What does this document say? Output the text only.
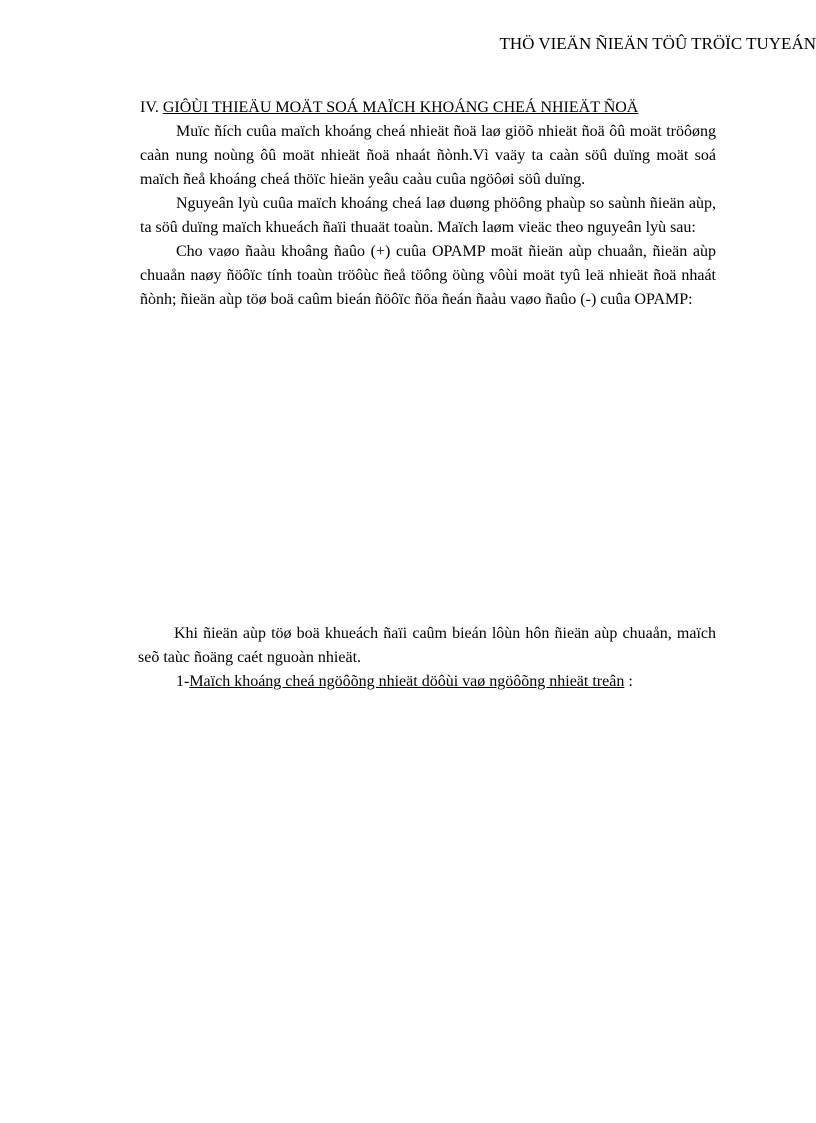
THÖ VIEÄN ÑIEÄN TÖÛ TRÖÏC TUYEÁN

IV. GIÔÙI THIEÄU MOÄT SOÁ MAÏCH KHOÁNG CHEÁ NHIEÄT ÑOÄ

Muïc ñích cuûa maïch khoáng cheá nhieät ñoä laø giöõ nhieät ñoä ôû moät tröôøng caàn nung noùng ôû moät nhieät ñoä nhaát ñònh.Vì vaäy ta caàn söû duïng moät soá maïch ñeå khoáng cheá thöïc hieän yeâu caàu cuûa ngöôøi söû duïng.

Nguyeân lyù cuûa maïch khoáng cheá laø duøng phöông phaùp so saùnh ñieän aùp, ta söû duïng maïch khueách ñaïi thuaät toaùn. Maïch laøm vieäc theo nguyeân lyù sau:

Cho vaøo ñaàu khoâng ñaûo (+) cuûa OPAMP moät ñieän aùp chuaån, ñieän aùp chuaån naøy ñöôïc tính toaùn tröôùc ñeå töông öùng vôùi moät tyû leä nhieät ñoä nhaát ñònh; ñieän aùp töø boä caûm bieán ñöôïc ñöa ñeán ñaàu vaøo ñaûo (-) cuûa OPAMP:

Khi ñieän aùp töø boä khueách ñaïi caûm bieán lôùn hôn ñieän aùp chuaån, maïch seõ taùc ñoäng caét nguoàn nhieät.

1-Maïch khoáng cheá ngöôõng nhieät döôùi vaø ngöôõng nhieät treân :
